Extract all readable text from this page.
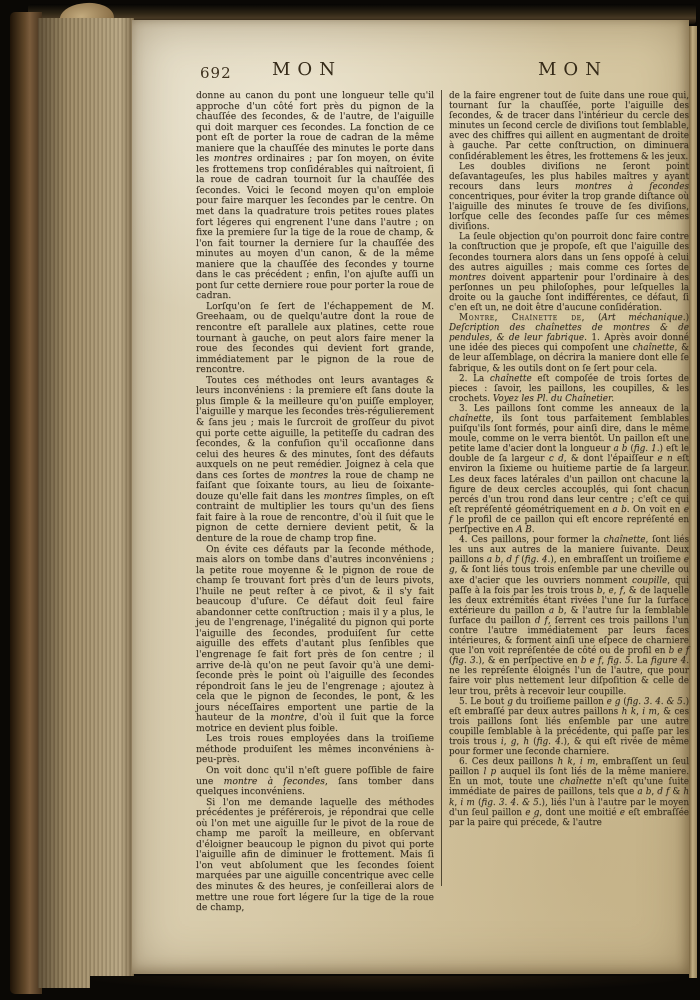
692 MON	MON

donne au canon du pont une longueur telle qu'il approche d'un côté fort près du pignon de la chauſſée des ſecondes, & de l'autre, de l'aiguille qui doit marquer ces ſecondes. La fonction de ce pont eſt de porter la roue de cadran de la même maniere que la chauſſée des minutes le porte dans les montres ordinaires ; par ſon moyen, on évite les frottemens trop conſidérables qui naîtroient, ſi la roue de cadran tournoit ſur la chauſſée des ſecondes. Voici le ſecond moyen qu'on emploie pour faire marquer les ſecondes par le centre. On met dans la quadrature trois petites roues plates fort légeres qui engrenent l'une dans l'autre ; on fixe la premiere ſur la tige de la roue de champ, & l'on fait tourner la derniere ſur la chauſſée des minutes au moyen d'un canon, & de la même maniere que la chauſſée des ſecondes y tourne dans le cas précédent ; enfin, l'on ajuſte auſſi un pont ſur cette derniere roue pour porter la roue de cadran.

Lorſqu'on ſe ſert de l'échappement de M. Greehaam, ou de quelqu'autre dont la roue de rencontre eſt parallele aux platines, cette roue tournant à gauche, on peut alors faire mener la roue des ſecondes qui devient fort grande, immédiatement par le pignon de la roue de rencontre.

Toutes ces méthodes ont leurs avantages & leurs inconvéniens : la premiere eſt ſans doute la plus ſimple & la meilleure qu'on puiſſe employer, l'aiguille y marque les ſecondes très-régulierement & ſans jeu ; mais le ſurcroit de groſſeur du pivot qui porte cette aiguille, la petiteſſe du cadran des ſecondes, & la confuſion qu'il occaſionne dans celui des heures & des minutes, ſont des défauts auxquels on ne peut remédier. Joignez à cela que dans ces ſortes de montres la roue de champ ne faiſant que ſoixante tours, au lieu de ſoixante-douze qu'elle fait dans les montres ſimples, on eſt contraint de multiplier les tours qu'un des ſiens fait faire à la roue de rencontre, d'où il ſuit que le pignon de cette derniere devient petit, & la denture de la roue de champ trop fine.

On évite ces défauts par la ſeconde méthode, mais alors on tombe dans d'autres inconvéniens ; la petite roue moyenne & le pignon de roue de champ ſe trouvant fort près d'un de leurs pivots, l'huile ne peut reſter à ce pivot, & il s'y fait beaucoup d'uſure. Ce défaut doit ſeul faire abandonner cette conſtruction ; mais il y a plus, le jeu de l'engrenage, l'inégalité du pignon qui porte l'aiguille des ſecondes, produiſent ſur cette aiguille des effets d'autant plus ſenſibles que l'engrenage ſe fait fort près de ſon centre ; il arrive de-là qu'on ne peut ſavoir qu'à une demi-ſeconde près le point où l'aiguille des ſecondes répondroit ſans le jeu de l'engrenage ; ajoutez à cela que le pignon de ſecondes, le pont, & les jours néceſſaires emportent une partie de la hauteur de la montre, d'où il ſuit que la force motrice en devient plus foible.

Les trois roues employées dans la troiſieme méthode produiſent les mêmes inconvéniens à-peu-près.

On voit donc qu'il n'eſt guere poſſible de faire une montre à ſecondes, ſans tomber dans quelques inconvéniens.

Si l'on me demande laquelle des méthodes précédentes je préférerois, je répondrai que celle où l'on met une aiguille ſur le pivot de la roue de champ me paroît la meilleure, en obſervant d'éloigner beaucoup le pignon du pivot qui porte l'aiguille afin de diminuer le frottement. Mais ſi l'on veut abſolument que les ſecondes ſoient marquées par une aiguille concentrique avec celle des minutes & des heures, je conſeillerai alors de mettre une roue fort légere ſur la tige de la roue de champ,

de la faire engrener tout de ſuite dans une roue qui, tournant ſur la chauſſée, porte l'aiguille des ſecondes, & de tracer dans l'intérieur du cercle des minutes un ſecond cercle de diviſions tout ſemblable, avec des chiffres qui aillent en augmentant de droite à gauche. Par cette conſtruction, on diminuera conſidérablement les êtres, les frottemens & les jeux.

Les doubles diviſions ne ſeront point deſavantageuſes, les plus habiles maîtres y ayant recours dans leurs montres à ſecondes concentriques, pour éviter la trop grande diſtance où l'aiguille des minutes ſe trouve de ſes diviſions, lorſque celle des ſecondes paſſe ſur ces mêmes diviſions.

La ſeule objection qu'on pourroit donc faire contre la conſtruction que je propoſe, eſt que l'aiguille des ſecondes tournera alors dans un ſens oppoſé à celui des autres aiguilles ; mais comme ces ſortes de montres doivent appartenir pour l'ordinaire à des perſonnes un peu philoſophes, pour leſquelles la droite ou la gauche ſont indifférentes, ce défaut, ſi c'en eſt un, ne doit être d'aucune conſidération.

Montre, Chaînette de, (Art méchanique.) Deſcription des chaînettes de montres & de pendules, & de leur fabrique. 1. Après avoir donné une idée des pieces qui compoſent une chaînette, & de leur aſſemblage, on décrira la maniere dont elle ſe fabrique, & les outils dont on ſe ſert pour cela.

2. La chaînette eſt compoſée de trois ſortes de pieces : ſavoir, les paillons, les coupilles, & les crochets. Voyez les Pl. du Chaînetier.

3. Les paillons ſont comme les anneaux de la chaînette, ils ſont tous parfaitement ſemblables puiſqu'ils ſont formés, pour ainſi dire, dans le même moule, comme on le verra bientôt. Un paillon eſt une petite lame d'acier dont la longueur a b (fig. 1.) eſt le double de ſa largeur c d, & dont l'épaiſſeur e n eſt environ la ſixieme ou huitieme partie de ſa largeur. Les deux faces latérales d'un paillon ont chacune la figure de deux cercles accouplés, qui ſont chacun percés d'un trou rond dans leur centre ; c'eſt ce qui eſt repréſenté géométriquement en a b. On voit en e f le profil de ce paillon qui eſt encore repréſenté en perſpective en A B.

4. Ces paillons, pour former la chaînette, ſont liés les uns aux autres de la maniere ſuivante. Deux paillons a b, d f (fig. 4.), en embraſſent un troiſieme e g, & ſont liés tous trois enſemble par une cheville ou axe d'acier que les ouvriers nomment coupille, qui paſſe à la fois par les trois trous b, e, f, & de laquelle les deux extrémités étant rivées l'une ſur la ſurface extérieure du paillon a b, & l'autre ſur la ſemblable ſurface du paillon d f, ſerrent ces trois paillons l'un contre l'autre immédiatement par leurs faces intérieures, & forment ainſi une eſpece de charniere que l'on voit repréſentée de côté ou de profil en b e f (fig. 3.), & en perſpective en b e f, fig. 5. La figure 4. ne les repréſente éloignés l'un de l'autre, que pour faire voir plus nettement leur diſpoſition & celle de leur trou, prêts à recevoir leur coupille.

5. Le bout g du troiſieme paillon e g (fig. 3. 4. & 5.) eſt embraſſé par deux autres paillons h k, i m, & ces trois paillons ſont liés enſemble par une autre coupille ſemblable à la précédente, qui paſſe par les trois trous i, g, h (fig. 4.), & qui eſt rivée de même pour former une ſeconde charniere.

6. Ces deux paillons h k, i m, embraſſent un ſeul paillon l p auquel ils ſont liés de la même maniere. En un mot, toute une chaînette n'eſt qu'une ſuite immédiate de paires de paillons, tels que a b, d f & h k, i m (fig. 3. 4. & 5.), liés l'un à l'autre par le moyen d'un ſeul paillon e g, dont une moitié e eſt embraſſée par la paire qui précede, & l'autre
